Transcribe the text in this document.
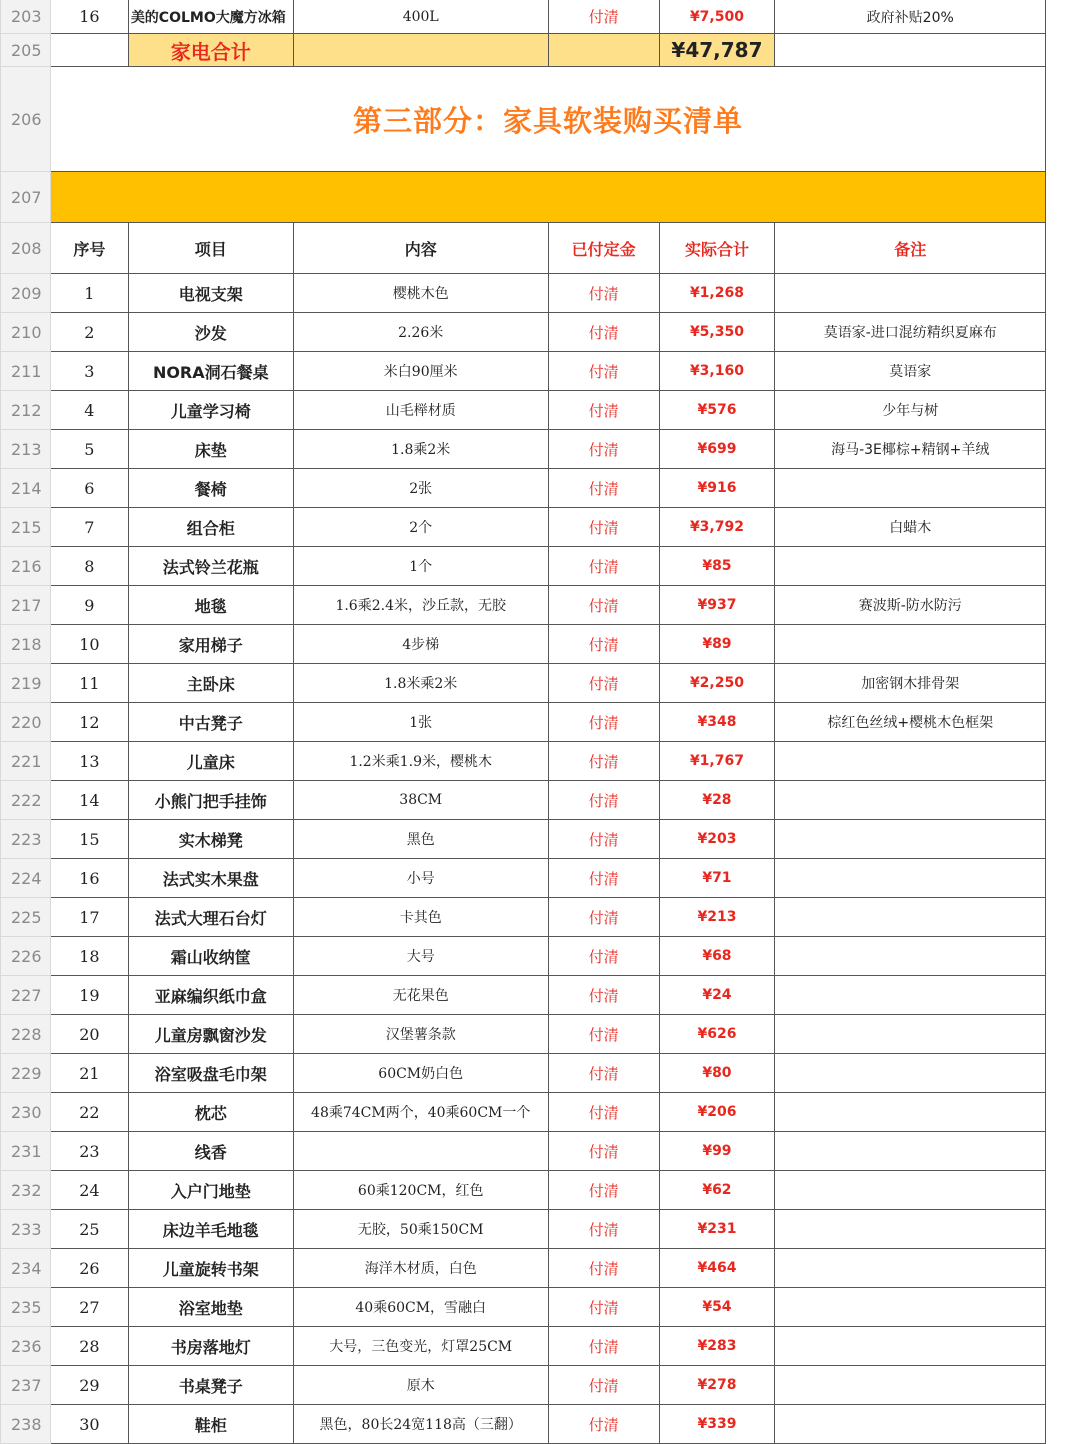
203	16	美的COLMO大魔方冰箱	400L	付清	¥7,500	政府补贴20%	
205		家电合计			¥47,787		
206	第三部分：家具软装购买清单						
207							
208	序号	项目	内容	已付定金	实际合计	备注	
209	1	电视支架	樱桃木色	付清	¥1,268		
210	2	沙发	2.26米	付清	¥5,350	莫语家-进口混纺精织夏麻布	
211	3	NORA洞石餐桌	米白90厘米	付清	¥3,160	莫语家	
212	4	儿童学习椅	山毛榉材质	付清	¥576	少年与树	
213	5	床垫	1.8乘2米	付清	¥699	海马-3E椰棕+精钢+羊绒	
214	6	餐椅	2张	付清	¥916		
215	7	组合柜	2个	付清	¥3,792	白蜡木	
216	8	法式铃兰花瓶	1个	付清	¥85		
217	9	地毯	1.6乘2.4米，沙丘款，无胶	付清	¥937	赛波斯-防水防污	
218	10	家用梯子	4步梯	付清	¥89		
219	11	主卧床	1.8米乘2米	付清	¥2,250	加密钢木排骨架	
220	12	中古凳子	1张	付清	¥348	棕红色丝绒+樱桃木色框架	
221	13	儿童床	1.2米乘1.9米，樱桃木	付清	¥1,767		
222	14	小熊门把手挂饰	38CM	付清	¥28		
223	15	实木梯凳	黑色	付清	¥203		
224	16	法式实木果盘	小号	付清	¥71		
225	17	法式大理石台灯	卡其色	付清	¥213		
226	18	霜山收纳筐	大号	付清	¥68		
227	19	亚麻编织纸巾盒	无花果色	付清	¥24		
228	20	儿童房飘窗沙发	汉堡薯条款	付清	¥626		
229	21	浴室吸盘毛巾架	60CM奶白色	付清	¥80		
230	22	枕芯	48乘74CM两个，40乘60CM一个	付清	¥206		
231	23	线香		付清	¥99		
232	24	入户门地垫	60乘120CM，红色	付清	¥62		
233	25	床边羊毛地毯	无胶，50乘150CM	付清	¥231		
234	26	儿童旋转书架	海洋木材质，白色	付清	¥464		
235	27	浴室地垫	40乘60CM，雪融白	付清	¥54		
236	28	书房落地灯	大号，三色变光，灯罩25CM	付清	¥283		
237	29	书桌凳子	原木	付清	¥278		
238	30	鞋柜	黑色，80长24宽118高（三翻）	付清	¥339		
